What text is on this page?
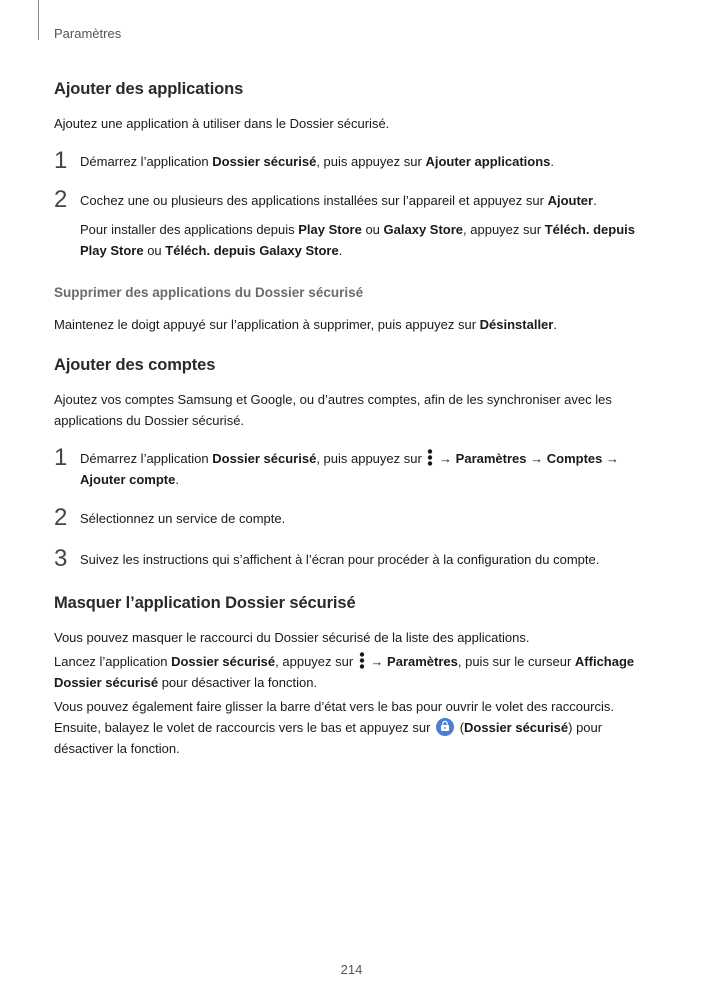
Paramètres
Ajouter des applications

Ajoutez une application à utiliser dans le Dossier sécurisé.

1 Démarrez l’application Dossier sécurisé, puis appuyez sur Ajouter applications.

2 Cochez une ou plusieurs des applications installées sur l’appareil et appuyez sur Ajouter.

Pour installer des applications depuis Play Store ou Galaxy Store, appuyez sur Téléch. depuis Play Store ou Téléch. depuis Galaxy Store.

Supprimer des applications du Dossier sécurisé

Maintenez le doigt appuyé sur l’application à supprimer, puis appuyez sur Désinstaller.

Ajouter des comptes

Ajoutez vos comptes Samsung et Google, ou d’autres comptes, afin de les synchroniser avec les applications du Dossier sécurisé.

1 Démarrez l’application Dossier sécurisé, puis appuyez sur  → Paramètres → Comptes → Ajouter compte.

2 Sélectionnez un service de compte.

3 Suivez les instructions qui s’affichent à l’écran pour procéder à la configuration du compte.

Masquer l’application Dossier sécurisé

Vous pouvez masquer le raccourci du Dossier sécurisé de la liste des applications.

Lancez l’application Dossier sécurisé, appuyez sur  → Paramètres, puis sur le curseur Affichage Dossier sécurisé pour désactiver la fonction.

Vous pouvez également faire glisser la barre d’état vers le bas pour ouvrir le volet des raccourcis. Ensuite, balayez le volet de raccourcis vers le bas et appuyez sur  (Dossier sécurisé) pour désactiver la fonction.

214
